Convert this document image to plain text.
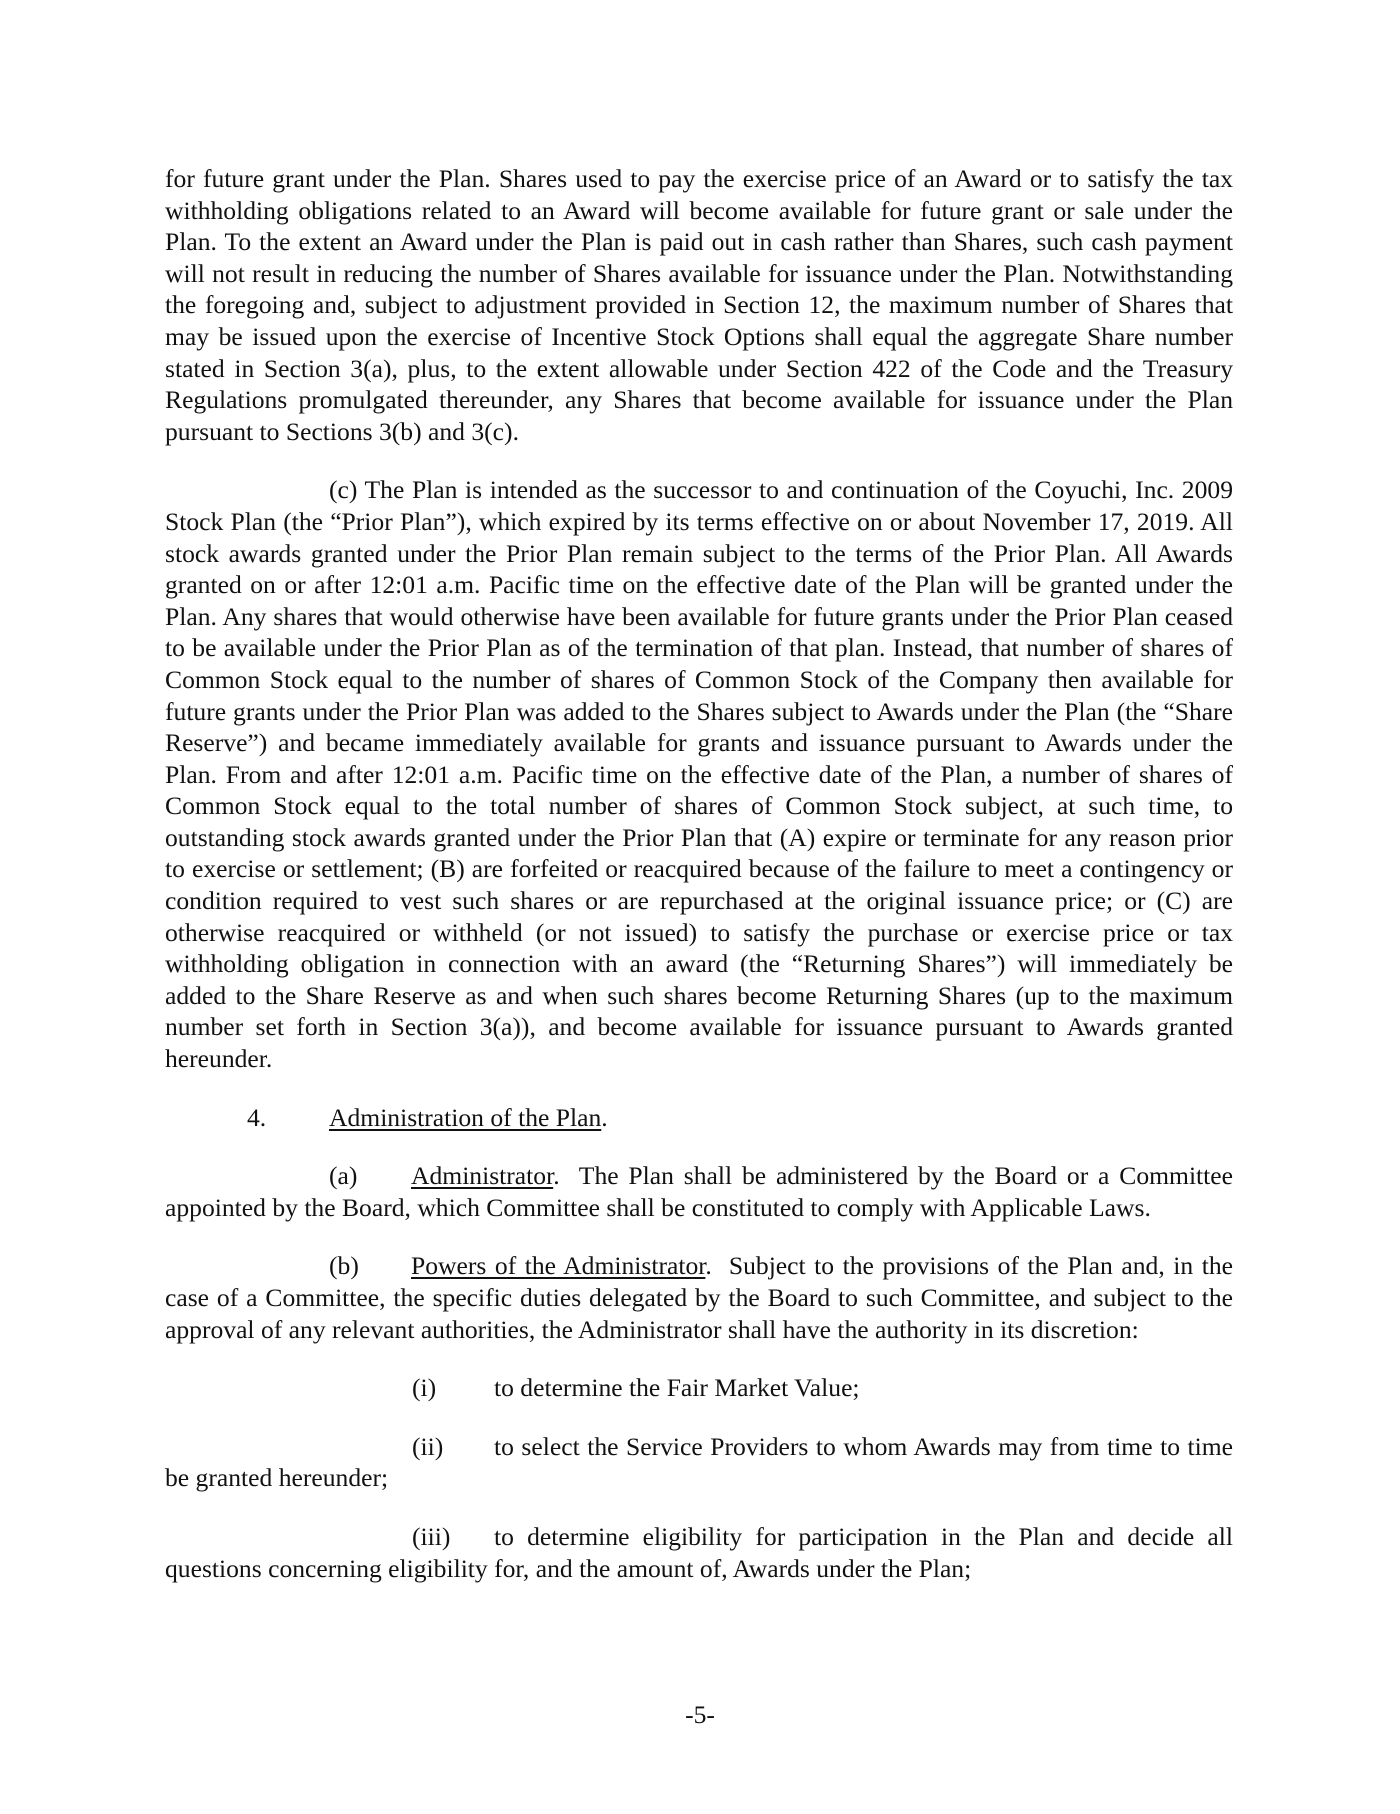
for future grant under the Plan. Shares used to pay the exercise price of an Award or to satisfy the tax withholding obligations related to an Award will become available for future grant or sale under the Plan. To the extent an Award under the Plan is paid out in cash rather than Shares, such cash payment will not result in reducing the number of Shares available for issuance under the Plan. Notwithstanding the foregoing and, subject to adjustment provided in Section 12, the maximum number of Shares that may be issued upon the exercise of Incentive Stock Options shall equal the aggregate Share number stated in Section 3(a), plus, to the extent allowable under Section 422 of the Code and the Treasury Regulations promulgated thereunder, any Shares that become available for issuance under the Plan pursuant to Sections 3(b) and 3(c).

(c) The Plan is intended as the successor to and continuation of the Coyuchi, Inc. 2009 Stock Plan (the “Prior Plan”), which expired by its terms effective on or about November 17, 2019. All stock awards granted under the Prior Plan remain subject to the terms of the Prior Plan. All Awards granted on or after 12:01 a.m. Pacific time on the effective date of the Plan will be granted under the Plan. Any shares that would otherwise have been available for future grants under the Prior Plan ceased to be available under the Prior Plan as of the termination of that plan. Instead, that number of shares of Common Stock equal to the number of shares of Common Stock of the Company then available for future grants under the Prior Plan was added to the Shares subject to Awards under the Plan (the “Share Reserve”) and became immediately available for grants and issuance pursuant to Awards under the Plan. From and after 12:01 a.m. Pacific time on the effective date of the Plan, a number of shares of Common Stock equal to the total number of shares of Common Stock subject, at such time, to outstanding stock awards granted under the Prior Plan that (A) expire or terminate for any reason prior to exercise or settlement; (B) are forfeited or reacquired because of the failure to meet a contingency or condition required to vest such shares or are repurchased at the original issuance price; or (C) are otherwise reacquired or withheld (or not issued) to satisfy the purchase or exercise price or tax withholding obligation in connection with an award (the “Returning Shares”) will immediately be added to the Share Reserve as and when such shares become Returning Shares (up to the maximum number set forth in Section 3(a)), and become available for issuance pursuant to Awards granted hereunder.

4. Administration of the Plan.

(a) Administrator.  The Plan shall be administered by the Board or a Committee appointed by the Board, which Committee shall be constituted to comply with Applicable Laws.

(b) Powers of the Administrator.  Subject to the provisions of the Plan and, in the case of a Committee, the specific duties delegated by the Board to such Committee, and subject to the approval of any relevant authorities, the Administrator shall have the authority in its discretion:

(i) to determine the Fair Market Value;

(ii) to select the Service Providers to whom Awards may from time to time be granted hereunder;

(iii) to determine eligibility for participation in the Plan and decide all questions concerning eligibility for, and the amount of, Awards under the Plan;

-5-
